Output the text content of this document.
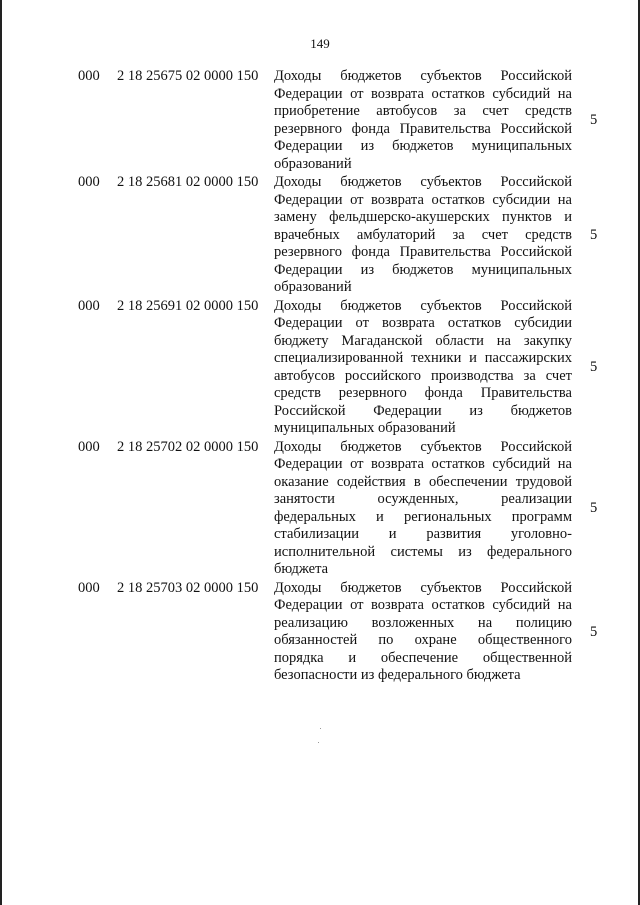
149
000 2 18 25675 02 0000 150 Доходы бюджетов субъектов Российской Федерации от возврата остатков субсидий на приобретение автобусов за счет средств резервного фонда Правительства Российской Федерации из бюджетов муниципальных образований
5
000 2 18 25681 02 0000 150 Доходы бюджетов субъектов Российской Федерации от возврата остатков субсидии на замену фельдшерско-акушерских пунктов и врачебных амбулаторий за счет средств резервного фонда Правительства Российской Федерации из бюджетов муниципальных образований
5
000 2 18 25691 02 0000 150 Доходы бюджетов субъектов Российской Федерации от возврата остатков субсидии бюджету Магаданской области на закупку специализированной техники и пассажирских автобусов российского производства за счет средств резервного фонда Правительства Российской Федерации из бюджетов муниципальных образований
5
000 2 18 25702 02 0000 150 Доходы бюджетов субъектов Российской Федерации от возврата остатков субсидий на оказание содействия в обеспечении трудовой занятости осужденных, реализации федеральных и региональных программ стабилизации и развития уголовно-исполнительной системы из федерального бюджета
5
000 2 18 25703 02 0000 150 Доходы бюджетов субъектов Российской Федерации от возврата остатков субсидий на реализацию возложенных на полицию обязанностей по охране общественного порядка и обеспечение общественной безопасности из федерального бюджета
5
